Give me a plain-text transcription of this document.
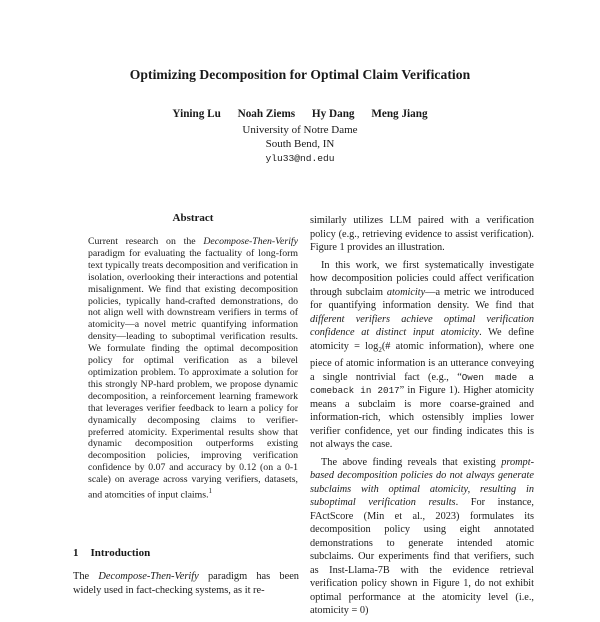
Optimizing Decomposition for Optimal Claim Verification
Yining Lu Noah Ziems Hy Dang Meng Jiang
University of Notre Dame
South Bend, IN
ylu33@nd.edu
Abstract
Current research on the Decompose-Then-Verify paradigm for evaluating the factuality of long-form text typically treats decomposition and verification in isolation, overlooking their interactions and potential misalignment. We find that existing decomposition policies, typically hand-crafted demonstrations, do not align well with downstream verifiers in terms of atomicity—a novel metric quantifying information density—leading to suboptimal verification results. We formulate finding the optimal decomposition policy for optimal verification as a bilevel optimization problem. To approximate a solution for this strongly NP-hard problem, we propose dynamic decomposition, a reinforcement learning framework that leverages verifier feedback to learn a policy for dynamically decomposing claims to verifier-preferred atomicity. Experimental results show that dynamic decomposition outperforms existing decomposition policies, improving verification confidence by 0.07 and accuracy by 0.12 (on a 0-1 scale) on average across varying verifiers, datasets, and atomcities of input claims.$^1$
1 Introduction
The Decompose-Then-Verify paradigm has been widely used in fact-checking systems, as it re-

similarly utilizes LLM paired with a verification policy (e.g., retrieving evidence to assist verification). Figure 1 provides an illustration.

In this work, we first systematically investigate how decomposition policies could affect verification through subclaim atomicity—a metric we introduced for quantifying information density. We find that different verifiers achieve optimal verification confidence at distinct input atomicity. We define atomicity = $\log_2(\#$ atomic information), where one piece of atomic information is an utterance conveying a single nontrivial fact (e.g., “Owen made a comeback in 2017” in Figure 1). Higher atomicity means a subclaim is more coarse-grained and information-rich, which ostensibly implies lower verifier confidence, yet our finding indicates this is not always the case.

The above finding reveals that existing prompt-based decomposition policies do not always generate subclaims with optimal atomicity, resulting in suboptimal verification results. For instance, FActScore (Min et al., 2023) formulates its decomposition policy using eight annotated demonstrations to generate intended atomic subclaims. Our experiments find that verifiers, such as Inst-Llama-7B with the evidence retrieval verification policy shown in Figure 1, do not exhibit optimal performance at the atomicity level (i.e., atomicity = 0)
